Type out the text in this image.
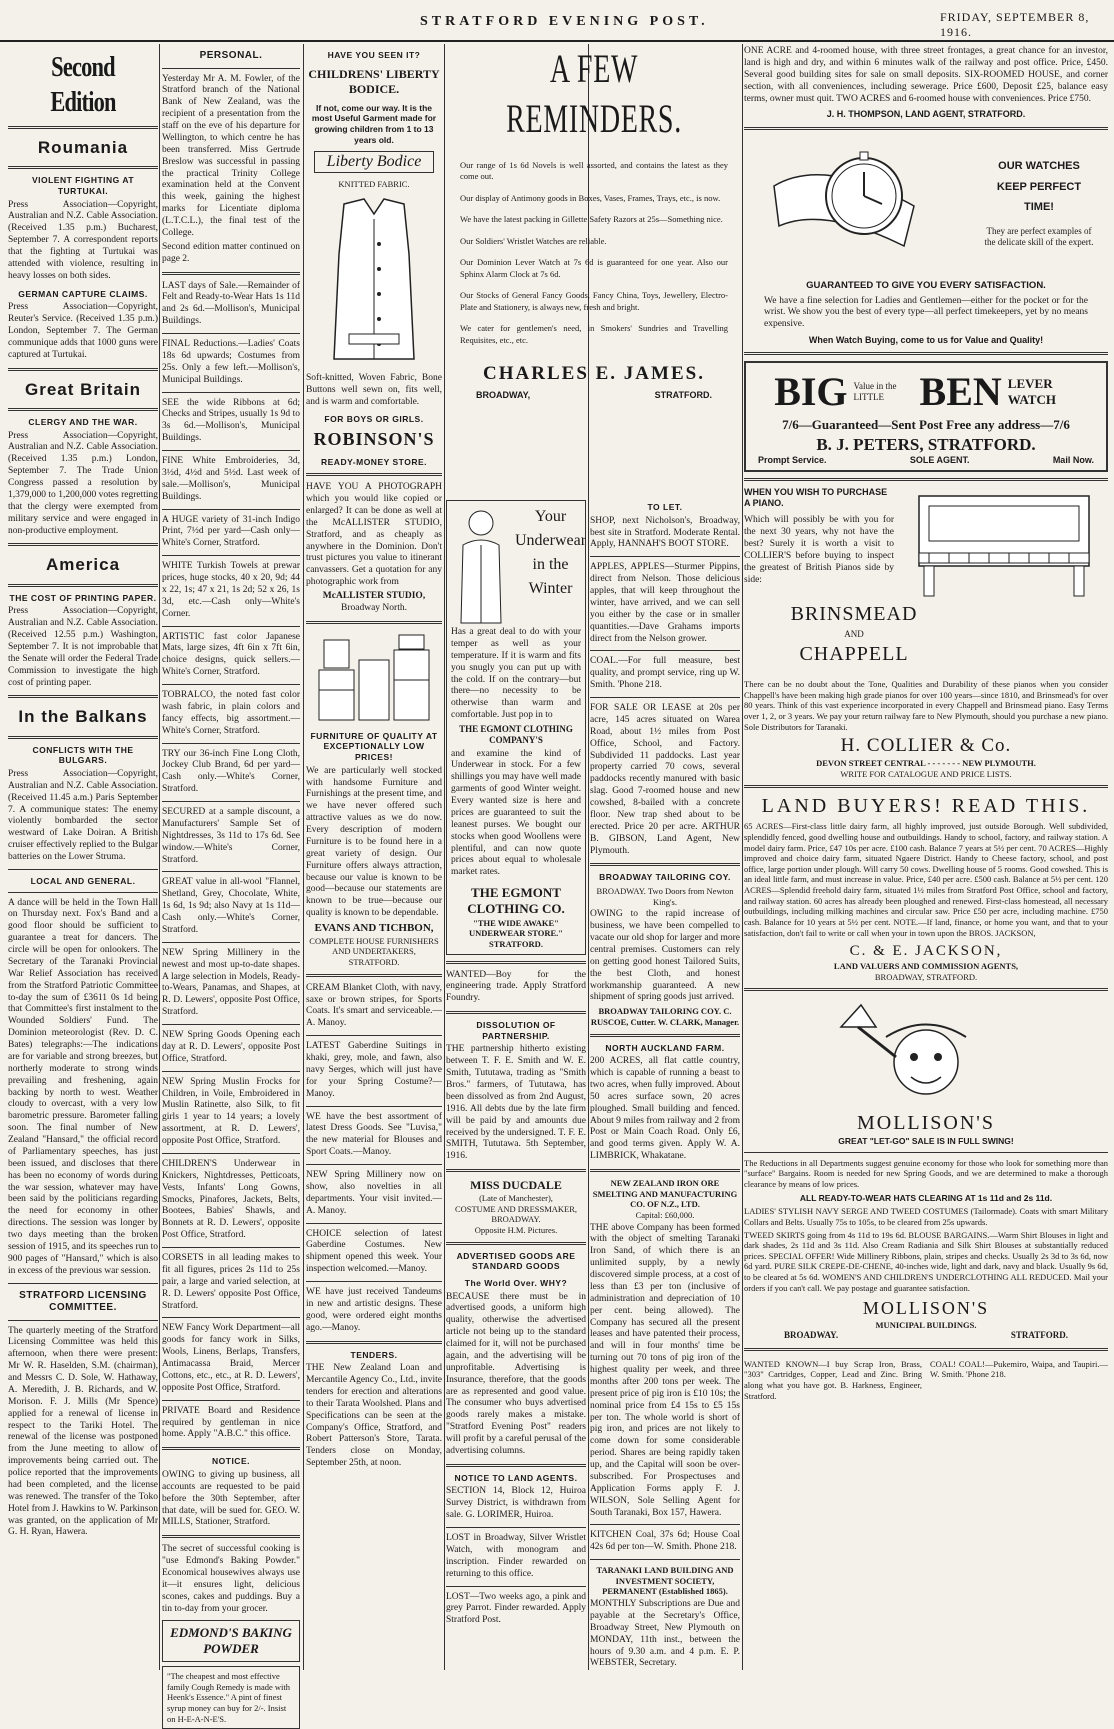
STRATFORD EVENING POST.	FRIDAY, SEPTEMBER 8, 1916.
Second Edition
Roumania
VIOLENT FIGHTING AT TURTUKAI.

Press Association—Copyright, Australian and N.Z. Cable Association. (Received 1.35 p.m.) Bucharest, September 7. A correspondent reports that the fighting at Turtukai was attended with violence, resulting in heavy losses on both sides.

GERMAN CAPTURE CLAIMS.

Press Association—Copyright, Reuter's Service. (Received 1.35 p.m.) London, September 7. The German communique adds that 1000 guns were captured at Turtukai.

Great Britain
CLERGY AND THE WAR.

Press Association—Copyright, Australian and N.Z. Cable Association. (Received 1.35 p.m.) London, September 7. The Trade Union Congress passed a resolution by 1,379,000 to 1,200,000 votes regretting that the clergy were exempted from military service and were engaged in non-productive employment.

America
THE COST OF PRINTING PAPER.

Press Association—Copyright, Australian and N.Z. Cable Association. (Received 12.55 p.m.) Washington, September 7. It is not improbable that the Senate will order the Federal Trade Commission to investigate the high cost of printing paper.

In the Balkans
CONFLICTS WITH THE BULGARS.

Press Association—Copyright, Australian and N.Z. Cable Association. (Received 11.45 a.m.) Paris September 7. A communique states: The enemy violently bombarded the sector westward of Lake Doiran. A British cruiser effectively replied to the Bulgar batteries on the Lower Struma.

LOCAL AND GENERAL.

A dance will be held in the Town Hall on Thursday next. Fox's Band and a good floor should be sufficient to guarantee a treat for dancers. The circle will be open for onlookers. The Secretary of the Taranaki Provincial War Relief Association has received from the Stratford Patriotic Committee to-day the sum of £3611 0s 1d being that Committee's first instalment to the Wounded Soldiers' Fund. The Dominion meteorologist (Rev. D. C. Bates) telegraphs:—The indications are for variable and strong breezes, but northerly moderate to strong winds prevailing and freshening, again backing by north to west. Weather cloudy to overcast, with a very low barometric pressure. Barometer falling soon. The final number of New Zealand "Hansard," the official record of Parliamentary speeches, has just been issued, and discloses that there has been no economy of words during the war session, whatever may have been said by the politicians regarding the need for economy in other directions. The session was longer by two days meeting than the broken session of 1915, and its speeches run to 900 pages of "Hansard," which is also in excess of the previous war session.

STRATFORD LICENSING COMMITTEE.

The quarterly meeting of the Stratford Licensing Committee was held this afternoon, when there were present: Mr W. R. Haselden, S.M. (chairman), and Messrs C. D. Sole, W. Hathaway, A. Meredith, J. B. Richards, and W. Morison. F. J. Mills (Mr Spence) applied for a renewal of license in respect to the Tariki Hotel. The renewal of the license was postponed from the June meeting to allow of improvements being carried out. The police reported that the improvements had been completed, and the license was renewed. The transfer of the Toko Hotel from J. Hawkins to W. Parkinson was granted, on the application of Mr G. H. Ryan, Hawera.

PERSONAL.

Yesterday Mr A. M. Fowler, of the Stratford branch of the National Bank of New Zealand, was the recipient of a presentation from the staff on the eve of his departure for Wellington, to which centre he has been transferred. Miss Gertrude Breslow was successful in passing the practical Trinity College examination held at the Convent this week, gaining the highest marks for Licentiate diploma (L.T.C.L.), the final test of the College.

Second edition matter continued on page 2.

LAST days of Sale.—Remainder of Felt and Ready-to-Wear Hats 1s 11d and 2s 6d.—Mollison's, Municipal Buildings.

FINAL Reductions.—Ladies' Coats 18s 6d upwards; Costumes from 25s. Only a few left.—Mollison's, Municipal Buildings.

SEE the wide Ribbons at 6d; Checks and Stripes, usually 1s 9d to 3s 6d.—Mollison's, Municipal Buildings.

FINE White Embroideries, 3d, 3½d, 4½d and 5½d. Last week of sale.—Mollison's, Municipal Buildings.

A HUGE variety of 31-inch Indigo Print, 7½d per yard—Cash only—White's Corner, Stratford.

WHITE Turkish Towels at prewar prices, huge stocks, 40 x 20, 9d; 44 x 22, 1s; 47 x 21, 1s 2d; 52 x 26, 1s 3d, etc.—Cash only—White's Corner.

ARTISTIC fast color Japanese Mats, large sizes, 4ft 6in x 7ft 6in, choice designs, quick sellers.—White's Corner, Stratford.

TOBRALCO, the noted fast color wash fabric, in plain colors and fancy effects, big assortment.—White's Corner, Stratford.

TRY our 36-inch Fine Long Cloth, Jockey Club Brand, 6d per yard—Cash only.—White's Corner, Stratford.

SECURED at a sample discount, a Manufacturers' Sample Set of Nightdresses, 3s 11d to 17s 6d. See window.—White's Corner, Stratford.

GREAT value in all-wool "Flannel, Shetland, Grey, Chocolate, White, 1s 6d, 1s 9d; also Navy at 1s 11d—Cash only.—White's Corner, Stratford.

NEW Spring Millinery in the newest and most up-to-date shapes. A large selection in Models, Ready-to-Wears, Panamas, and Shapes, at R. D. Lewers', opposite Post Office, Stratford.

NEW Spring Goods Opening each day at R. D. Lewers', opposite Post Office, Stratford.

NEW Spring Muslin Frocks for Children, in Voile, Embroidered in Muslin Ratinette, also Silk, to fit girls 1 year to 14 years; a lovely assortment, at R. D. Lewers', opposite Post Office, Stratford.

CHILDREN'S Underwear in Knickers, Nightdresses, Petticoats, Vests, Infants' Long Gowns, Smocks, Pinafores, Jackets, Belts, Bootees, Babies' Shawls, and Bonnets at R. D. Lewers', opposite Post Office, Stratford.

CORSETS in all leading makes to fit all figures, prices 2s 11d to 25s pair, a large and varied selection, at R. D. Lewers' opposite Post Office, Stratford.

NEW Fancy Work Department—all goods for fancy work in Silks, Wools, Linens, Berlaps, Transfers, Antimacassa Braid, Mercer Cottons, etc., etc., at R. D. Lewers', opposite Post Office, Stratford.

PRIVATE Board and Residence required by gentleman in nice home. Apply "A.B.C." this office.

NOTICE.

OWING to giving up business, all accounts are requested to be paid before the 30th September, after that date, will be sued for. GEO. W. MILLS, Stationer, Stratford.

The secret of successful cooking is "use Edmond's Baking Powder." Economical housewives always use it—it ensures light, delicious scones, cakes and puddings. Buy a tin to-day from your grocer.

EDMOND'S BAKING POWDER
"The cheapest and most effective family Cough Remedy is made with Heenk's Essence." A pint of finest syrup money can buy for 2/-. Insist on H-E-A-N-E'S.
HAVE YOU SEEN IT?
CHILDRENS' LIBERTY BODICE.

If not, come our way. It is the most Useful Garment made for growing children from 1 to 13 years old.

Liberty Bodice
KNITTED FABRIC.

Soft-knitted, Woven Fabric, Bone Buttons well sewn on, fits well, and is warm and comfortable.

FOR BOYS OR GIRLS.
ROBINSON'S
READY-MONEY STORE.

HAVE YOU A PHOTOGRAPH which you would like copied or enlarged? It can be done as well at the McALLISTER STUDIO, Stratford, and as cheaply as anywhere in the Dominion. Don't trust pictures you value to itinerant canvassers. Get a quotation for any photographic work from

McALLISTER STUDIO,
Broadway North.
FURNITURE OF QUALITY AT EXCEPTIONALLY LOW PRICES!

We are particularly well stocked with handsome Furniture and Furnishings at the present time, and we have never offered such attractive values as we do now. Every description of modern Furniture is to be found here in a great variety of design. Our Furniture offers always attraction, because our value is known to be good—because our statements are known to be true—because our quality is known to be dependable.

EVANS AND TICHBON,
COMPLETE HOUSE FURNISHERS AND UNDERTAKERS,
STRATFORD.

CREAM Blanket Cloth, with navy, saxe or brown stripes, for Sports Coats. It's smart and serviceable.—A. Manoy.

LATEST Gaberdine Suitings in khaki, grey, mole, and fawn, also navy Serges, which will just have for your Spring Costume?—Manoy.

WE have the best assortment of latest Dress Goods. See "Luvisa," the new material for Blouses and Sport Coats.—Manoy.

NEW Spring Millinery now on show, also novelties in all departments. Your visit invited.—A. Manoy.

CHOICE selection of latest Gaberdine Costumes. New shipment opened this week. Your inspection welcomed.—Manoy.

WE have just received Tandeums in new and artistic designs. These good, were ordered eight months ago.—Manoy.

TENDERS.

THE New Zealand Loan and Mercantile Agency Co., Ltd., invite tenders for erection and alterations to their Tarata Woolshed. Plans and Specifications can be seen at the Company's Office, Stratford, and Robert Patterson's Store, Tarata. Tenders close on Monday, September 25th, at noon.

A FEW REMINDERS.

Our range of 1s 6d Novels is well assorted, and contains the latest as they come out.

Our display of Antimony goods in Boxes, Vases, Frames, Trays, etc., is now.

We have the latest packing in Gillette Safety Razors at 25s—Something nice.

Our Soldiers' Wristlet Watches are reliable.

Our Dominion Lever Watch at 7s 6d is guaranteed for one year. Also our Sphinx Alarm Clock at 7s 6d.

Our Stocks of General Fancy Goods, Fancy China, Toys, Jewellery, Electro-Plate and Stationery, is always new, fresh and bright.

We cater for gentlemen's need, in Smokers' Sundries and Travelling Requisites, etc., etc.

CHARLES E. JAMES.
BROADWAY,	STRATFORD.
Your Underwear in the Winter

Has a great deal to do with your temper as well as your temperature. If it is warm and fits you snugly you can put up with the cold. If on the contrary—but there—no necessity to be otherwise than warm and comfortable. Just pop in to

THE EGMONT CLOTHING COMPANY'S

and examine the kind of Underwear in stock. For a few shillings you may have well made garments of good Winter weight. Every wanted size is here and prices are guaranteed to suit the leanest purses. We bought our stocks when good Woollens were plentiful, and can now quote prices about equal to wholesale market rates.

THE EGMONT CLOTHING CO.
"THE WIDE AWAKE" UNDERWEAR STORE." STRATFORD.

WANTED—Boy for the engineering trade. Apply Stratford Foundry.

DISSOLUTION OF PARTNERSHIP.

THE partnership hitherto existing between T. F. E. Smith and W. E. Smith, Tututawa, trading as "Smith Bros." farmers, of Tututawa, has been dissolved as from 2nd August, 1916. All debts due by the late firm will be paid by and amounts due received by the undersigned. T. F. E. SMITH, Tututawa. 5th September, 1916.

MISS DUCDALE
(Late of Manchester),
COSTUME AND DRESSMAKER,
BROADWAY.
Opposite H.M. Pictures.
ADVERTISED GOODS ARE STANDARD GOODS
The World Over. WHY?

BECAUSE there must be in advertised goods, a uniform high quality, otherwise the advertised article not being up to the standard claimed for it, will not be purchased again, and the advertising will be unprofitable. Advertising is Insurance, therefore, that the goods are as represented and good value. The consumer who buys advertised goods rarely makes a mistake. "Stratford Evening Post" readers will profit by a careful perusal of the advertising columns.

NOTICE TO LAND AGENTS.

SECTION 14, Block 12, Huiroa Survey District, is withdrawn from sale. G. LORIMER, Huiroa.

LOST in Broadway, Silver Wristlet Watch, with monogram and inscription. Finder rewarded on returning to this office.

LOST—Two weeks ago, a pink and grey Parrot. Finder rewarded. Apply Stratford Post.

TO LET.

SHOP, next Nicholson's, Broadway, best site in Stratford. Moderate Rental. Apply, HANNAH'S BOOT STORE.

APPLES, APPLES—Sturmer Pippins, direct from Nelson. Those delicious apples, that will keep throughout the winter, have arrived, and we can sell you either by the case or in smaller quantities.—Dave Grahams imports direct from the Nelson grower.

COAL.—For full measure, best quality, and prompt service, ring up W. Smith. 'Phone 218.

FOR SALE OR LEASE at 20s per acre, 145 acres situated on Warea Road, about 1½ miles from Post Office, School, and Factory. Subdivided 11 paddocks. Last year property carried 70 cows, several paddocks recently manured with basic slag. Good 7-roomed house and new cowshed, 8-bailed with a concrete floor. New trap shed about to be erected. Price 20 per acre. ARTHUR B. GIBSON, Land Agent, New Plymouth.

BROADWAY TAILORING COY.
BROADWAY. Two Doors from Newton King's.

OWING to the rapid increase of business, we have been compelled to vacate our old shop for larger and more central premises. Customers can rely on getting good honest Tailored Suits, the best Cloth, and honest workmanship guaranteed. A new shipment of spring goods just arrived.

BROADWAY TAILORING COY. C. RUSCOE, Cutter. W. CLARK, Manager.

NORTH AUCKLAND FARM.

200 ACRES, all flat cattle country, which is capable of running a beast to two acres, when fully improved. About 50 acres surface sown, 20 acres ploughed. Small building and fenced. About 9 miles from railway and 2 from Post or Main Coach Road. Only £6, and good terms given. Apply W. A. LIMBRICK, Whakatane.

NEW ZEALAND IRON ORE SMELTING AND MANUFACTURING CO. OF N.Z., LTD.
Capital: £60,000.

THE above Company has been formed with the object of smelting Taranaki Iron Sand, of which there is an unlimited supply, by a newly discovered simple process, at a cost of less than £3 per ton (inclusive of administration and depreciation of 10 per cent. being allowed). The Company has secured all the present leases and have patented their process, and will in four months' time be turning out 70 tons of pig iron of the highest quality per week, and three months after 200 tons per week. The present price of pig iron is £10 10s; the nominal price from £4 15s to £5 15s per ton. The whole world is short of pig iron, and prices are not likely to come down for some considerable period. Shares are being rapidly taken up, and the Capital will soon be over-subscribed. For Prospectuses and Application Forms apply F. J. WILSON, Sole Selling Agent for South Taranaki, Box 157, Hawera.

KITCHEN Coal, 37s 6d; House Coal 42s 6d per ton—W. Smith. Phone 218.

TARANAKI LAND BUILDING AND INVESTMENT SOCIETY, PERMANENT (Established 1865).

MONTHLY Subscriptions are Due and payable at the Secretary's Office, Broadway Street, New Plymouth on MONDAY, 11th inst., between the hours of 9.30 a.m. and 4 p.m. E. P. WEBSTER, Secretary.

ONE ACRE and 4-roomed house, with three street frontages, a great chance for an investor, land is high and dry, and within 6 minutes walk of the railway and post office. Price, £450. Several good building sites for sale on small deposits. SIX-ROOMED HOUSE, and corner section, with all conveniences, including sewerage. Price £600, Deposit £25, balance easy terms, owner must quit. TWO ACRES and 6-roomed house with conveniences. Price £750.

J. H. THOMPSON, LAND AGENT, STRATFORD.
OUR WATCHES KEEP PERFECT TIME!
They are perfect examples of the delicate skill of the expert.
GUARANTEED TO GIVE YOU EVERY SATISFACTION.

We have a fine selection for Ladies and Gentlemen—either for the pocket or for the wrist. We show you the best of every type—all perfect timekeepers, yet by no means expensive.

When Watch Buying, come to us for Value and Quality!
BIG Value in the LITTLE BEN LEVER WATCH
7/6—Guaranteed—Sent Post Free any address—7/6
B. J. PETERS, STRATFORD.
Prompt Service.	SOLE AGENT.	Mail Now.
WHEN YOU WISH TO PURCHASE A PIANO.

Which will possibly be with you for the next 30 years, why not have the best? Surely it is worth a visit to COLLIER'S before buying to inspect the greatest of British Pianos side by side:

BRINSMEAD
AND
CHAPPELL

There can be no doubt about the Tone, Qualities and Durability of these pianos when you consider Chappell's have been making high grade pianos for over 100 years—since 1810, and Brinsmead's for over 80 years. Think of this vast experience incorporated in every Chappell and Brinsmead piano. Easy Terms over 1, 2, or 3 years. We pay your return railway fare to New Plymouth, should you purchase a new piano. Sole Distributors for Taranaki.

H. COLLIER & Co.
DEVON STREET CENTRAL - - - - - - - NEW PLYMOUTH.
WRITE FOR CATALOGUE AND PRICE LISTS.
LAND BUYERS! READ THIS.

65 ACRES—First-class little dairy farm, all highly improved, just outside Borough. Well subdivided, splendidly fenced, good dwelling house and outbuildings. Handy to school, factory, and railway station. A model dairy farm. Price, £47 10s per acre. £100 cash. Balance 7 years at 5½ per cent. 70 ACRES—Highly improved and choice dairy farm, situated Ngaere District. Handy to Cheese factory, school, and post office, large portion under plough. Will carry 50 cows. Dwelling house of 5 rooms. Good cowshed. This is an ideal little farm, and must increase in value. Price, £40 per acre. £500 cash. Balance at 5½ per cent. 120 ACRES—Splendid freehold dairy farm, situated 1½ miles from Stratford Post Office, school and factory, and railway station. 60 acres has already been ploughed and renewed. First-class homestead, all necessary outbuildings, including milking machines and circular saw. Price £50 per acre, including machine. £750 cash. Balance for 10 years at 5½ per cent. NOTE.—If land, finance, or home you want, and that to your satisfaction, don't fail to write or call when your in town upon the BROS. JACKSON,

C. & E. JACKSON,
LAND VALUERS AND COMMISSION AGENTS,
BROADWAY, STRATFORD.
MOLLISON'S
GREAT "LET-GO" SALE IS IN FULL SWING!

The Reductions in all Departments suggest genuine economy for those who look for something more than "surface" Bargains. Room is needed for new Spring Goods, and we are determined to make a thorough clearance by means of low prices.

ALL READY-TO-WEAR HATS CLEARING AT 1s 11d and 2s 11d.

LADIES' STYLISH NAVY SERGE AND TWEED COSTUMES (Tailormade). Coats with smart Military Collars and Belts. Usually 75s to 105s, to be cleared from 25s upwards.

TWEED SKIRTS going from 4s 11d to 19s 6d. BLOUSE BARGAINS.—Warm Shirt Blouses in light and dark shades, 2s 11d and 3s 11d. Also Cream Radiania and Silk Shirt Blouses at substantially reduced prices. SPECIAL OFFER! Wide Millinery Ribbons, plain, stripes and checks. Usually 2s 3d to 3s 6d, now 6d yard. PURE SILK CREPE-DE-CHENE, 40-inches wide, light and dark, navy and black. Usually 9s 6d, to be cleared at 5s 6d. WOMEN'S AND CHILDREN'S UNDERCLOTHING ALL REDUCED. Mail your orders if you can't call. We pay postage and guarantee satisfaction.

MOLLISON'S
MUNICIPAL BUILDINGS.
BROADWAY.	STRATFORD.

WANTED KNOWN—I buy Scrap Iron, Brass, "303" Cartridges, Copper, Lead and Zinc. Bring along what you have got. B. Harkness, Engineer, Stratford.

COAL! COAL!—Pukemiro, Waipa, and Taupiri.—W. Smith. 'Phone 218.
